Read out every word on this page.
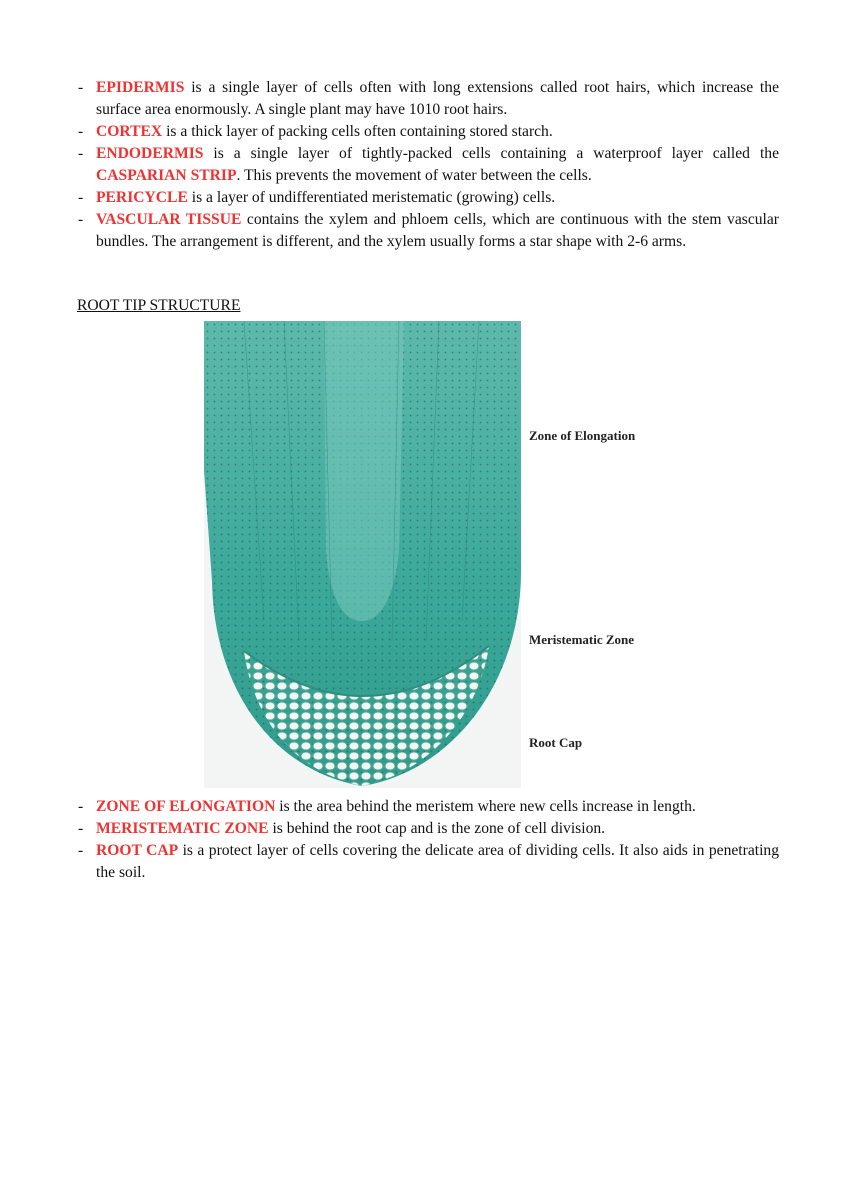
- EPIDERMIS is a single layer of cells often with long extensions called root hairs, which increase the surface area enormously. A single plant may have 1010 root hairs.
- CORTEX is a thick layer of packing cells often containing stored starch.
- ENDODERMIS is a single layer of tightly-packed cells containing a waterproof layer called the CASPARIAN STRIP. This prevents the movement of water between the cells.
- PERICYCLE is a layer of undifferentiated meristematic (growing) cells.
- VASCULAR TISSUE contains the xylem and phloem cells, which are continuous with the stem vascular bundles. The arrangement is different, and the xylem usually forms a star shape with 2-6 arms.
ROOT TIP STRUCTURE
Zone of Elongation
Meristematic Zone
Root Cap
- ZONE OF ELONGATION is the area behind the meristem where new cells increase in length.
- MERISTEMATIC ZONE is behind the root cap and is the zone of cell division.
- ROOT CAP is a protect layer of cells covering the delicate area of dividing cells. It also aids in penetrating the soil.
